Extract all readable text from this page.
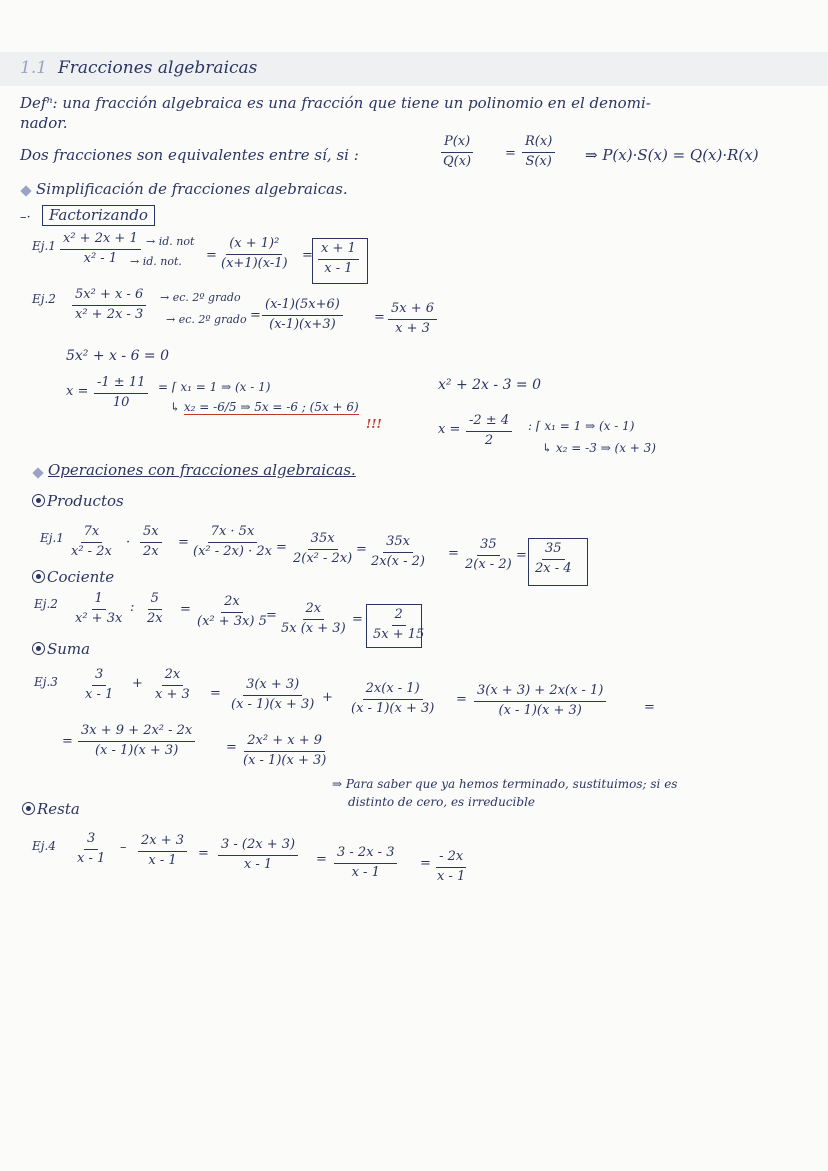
1.1 Fracciones algebraicas
Defⁿ: una fracción algebraica es una fracción que tiene un polinomio en el denomi-
nador.
Dos fracciones son equivalentes entre sí, si :	$\frac{P(x)}{Q(x)} = \frac{R(x)}{S(x)}$ ⇒ P(x)·S(x) = Q(x)·R(x)
Simplificación de fracciones algebraicas.
–·	Factorizando
$Ej.1 \frac{\text{x² + 2x + 1}}{\text{x² - 1}}$ → id. not
→ id. not. = $\frac{\text{(x + 1)²}}{(x+1)(x-1)} = \frac{x + 1}{x - 1}$
$Ej.2 \frac{\text{5x² + x - 6}}{\text{x² + 2x - 3}}$ → ec. 2º grado
→ ec. 2º grado = $\frac{(x-1)(5x+6)}{(x-1)(x+3)} = \frac{5x + 6}{x + 3}$
5x² + x - 6 = 0
$x = \frac{-1 \pm 11}{10}$ = ⌈ x₁ = 1 ⇒ (x - 1)
↳ x₂ = -6/5 ⇒ 5x = -6 ; (5x + 6)
!!!
x² + 2x - 3 = 0
$x = \frac{-2 \pm 4}{2}$ : ⌈ x₁ = 1 ⇒ (x - 1)
↳ x₂ = -3 ⇒ (x + 3)
Operaciones con fracciones algebraicas.
Productos
$Ej.1 \frac{7x}{\text{x² - 2x}} \cdot \frac{5x}{2x} = \frac{7x \cdot 5x}{\text{(x² - 2x) · 2x}} = \frac{35x}{\text{2(x² - 2x)}} = \frac{35x}{2x(x - 2)} = \frac{35}{2(x - 2)} = \frac{35}{2x - 4}$
Cociente
$Ej.2 \frac{1}{\text{x² + 3x}}$ : $\frac{5}{2x} = \frac{2x}{\text{(x² + 3x) 5}}$
= $\frac{2x}{5x (x + 3)} = \frac{2}{5x + 15}$
Suma
$Ej.3 \frac{3}{x - 1} + \frac{2x}{x + 3} = \frac{3(x + 3)}{(x - 1)(x + 3)} + \frac{2x(x - 1)}{(x - 1)(x + 3)} = \frac{3(x + 3) + 2x(x - 1)}{(x - 1)(x + 3)}$	=
= $\frac{\text{3x + 9 + 2x² - 2x}}{(x - 1)(x + 3)} = \frac{\text{2x² + x + 9}}{(x - 1)(x + 3)}$
⇒ Para saber que ya hemos terminado, sustituimos; si es
distinto de cero, es irreducible
Resta
$Ej.4 \frac{3}{x - 1} - \frac{2x + 3}{x - 1} = \frac{3 - (2x + 3)}{x - 1} = \frac{3 - 2x - 3}{x - 1} = \frac{- 2x}{x - 1}$
